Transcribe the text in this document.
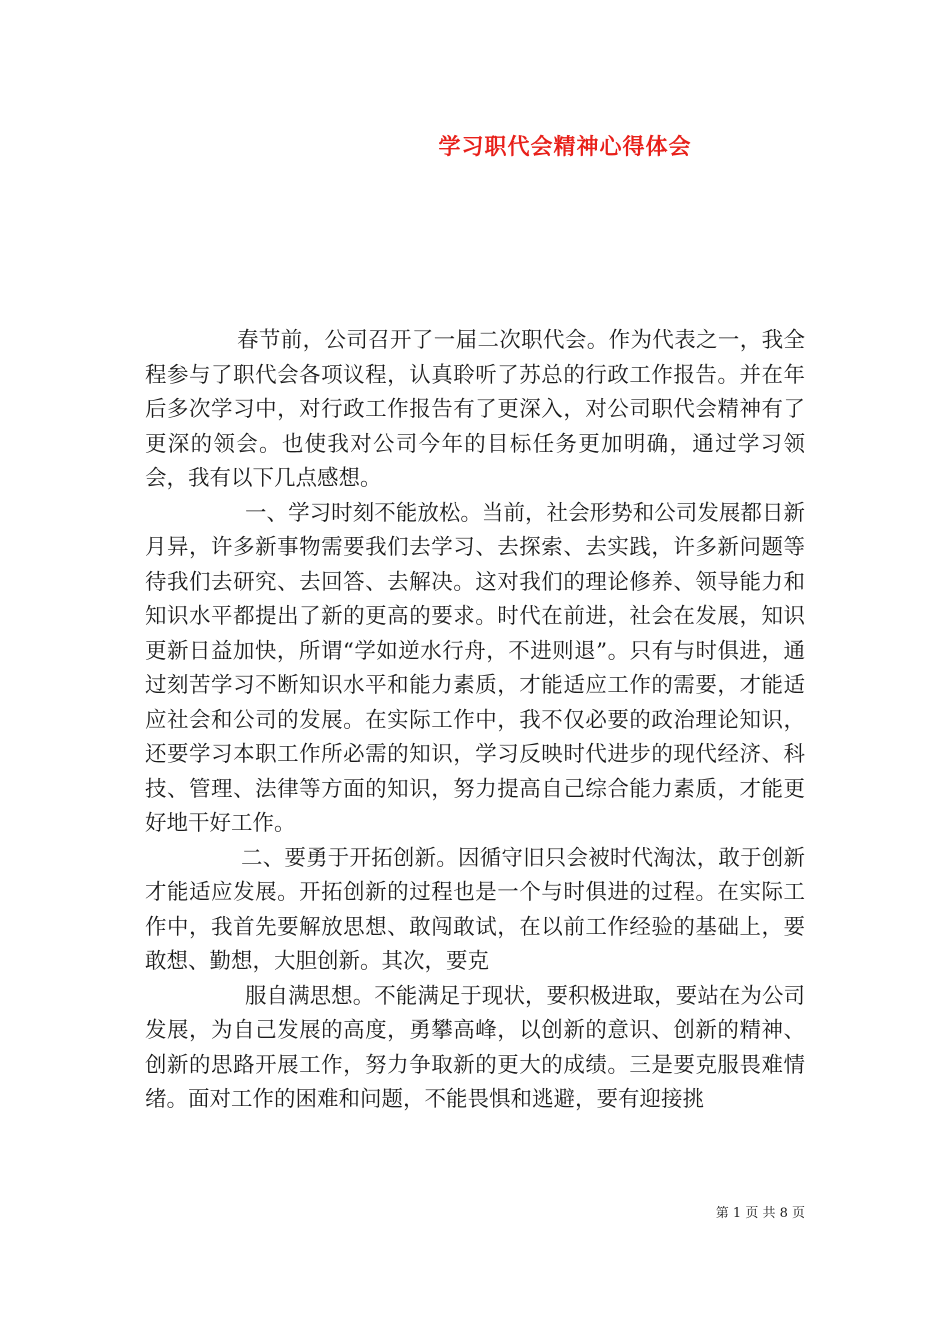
学习职代会精神心得体会

春节前，公司召开了一届二次职代会。作为代表之一，我全程参与了职代会各项议程，认真聆听了苏总的行政工作报告。并在年后多次学习中，对行政工作报告有了更深入，对公司职代会精神有了更深的领会。也使我对公司今年的目标任务更加明确，通过学习领会，我有以下几点感想。

一、学习时刻不能放松。当前，社会形势和公司发展都日新月异，许多新事物需要我们去学习、去探索、去实践，许多新问题等待我们去研究、去回答、去解决。这对我们的理论修养、领导能力和知识水平都提出了新的更高的要求。时代在前进，社会在发展，知识更新日益加快，所谓“学如逆水行舟，不进则退”。只有与时俱进，通过刻苦学习不断知识水平和能力素质，才能适应工作的需要，才能适应社会和公司的发展。在实际工作中，我不仅必要的政治理论知识，还要学习本职工作所必需的知识，学习反映时代进步的现代经济、科技、管理、法律等方面的知识，努力提高自己综合能力素质，才能更好地干好工作。

二、要勇于开拓创新。因循守旧只会被时代淘汰，敢于创新才能适应发展。开拓创新的过程也是一个与时俱进的过程。在实际工作中，我首先要解放思想、敢闯敢试，在以前工作经验的基础上，要敢想、勤想，大胆创新。其次，要克

服自满思想。不能满足于现状，要积极进取，要站在为公司发展，为自己发展的高度，勇攀高峰，以创新的意识、创新的精神、创新的思路开展工作，努力争取新的更大的成绩。三是要克服畏难情绪。面对工作的困难和问题，不能畏惧和逃避，要有迎接挑

第 1 页 共 8 页
